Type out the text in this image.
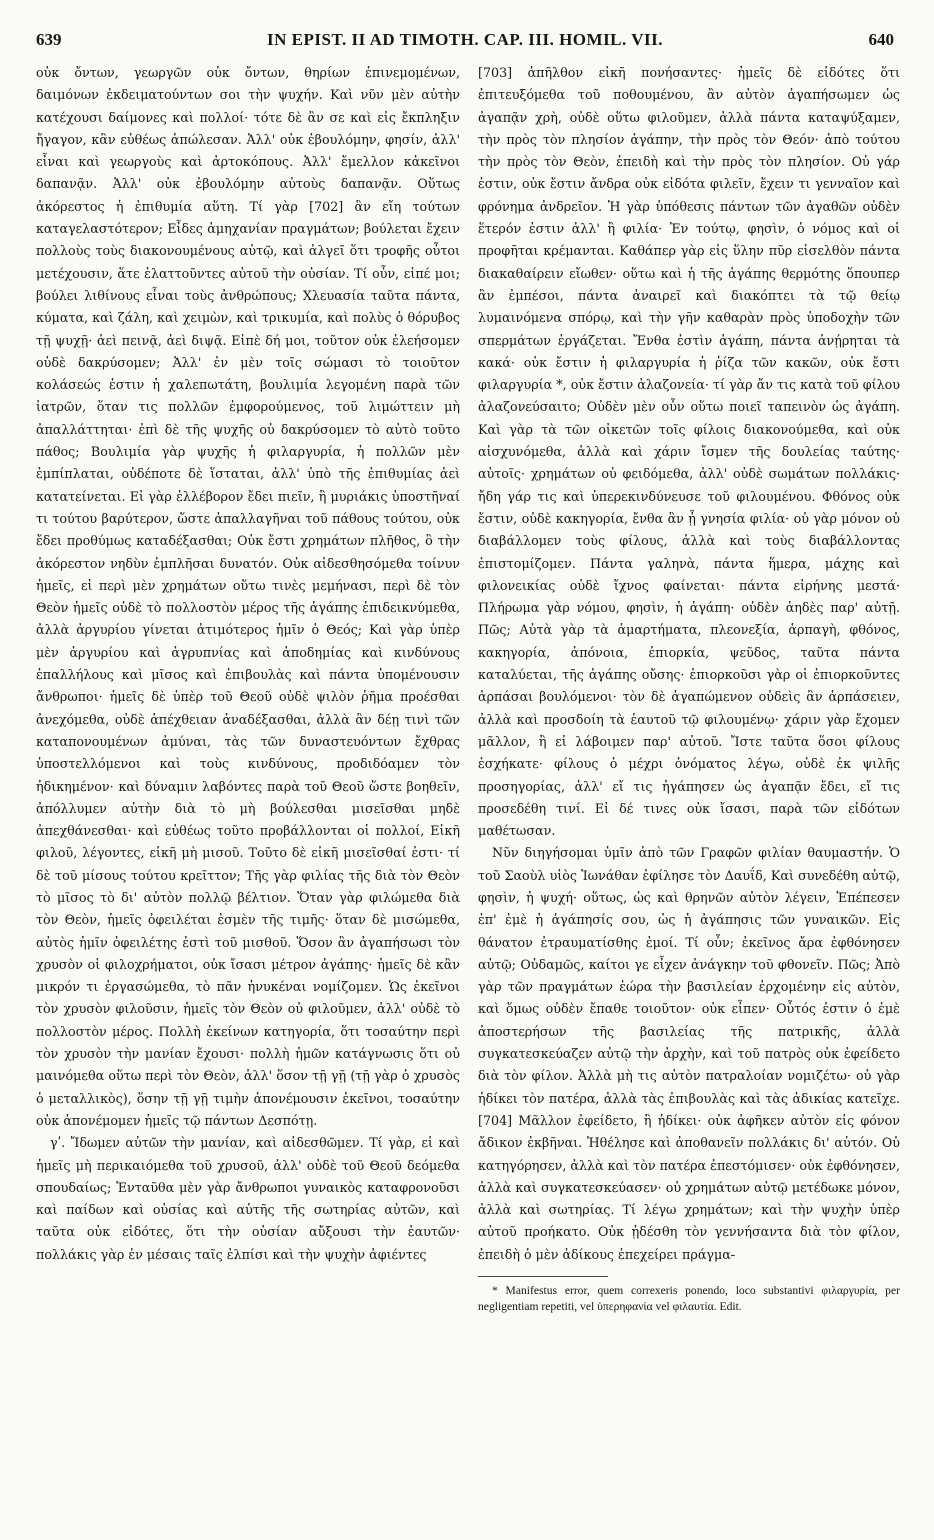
639	IN EPIST. II AD TIMOTH. CAP. III. HOMIL. VII.	640

οὐκ ὄντων, γεωργῶν οὐκ ὄντων, θηρίων ἐπινεμομένων, δαιμόνων ἐκδειματούντων σοι τὴν ψυχήν. Καὶ νῦν μὲν αὐτὴν κατέχουσι δαίμονες καὶ πολλοί· τότε δὲ ἂν σε καὶ εἰς ἔκπληξιν ἤγαγον, κἂν εὐθέως ἀπώλεσαν. Ἀλλ' οὐκ ἐβουλόμην, φησίν, ἀλλ' εἶναι καὶ γεωργοὺς καὶ ἀρτοκόπους. Ἀλλ' ἔμελλον κἀκεῖνοι δαπανᾷν. Ἀλλ' οὐκ ἐβουλόμην αὐτοὺς δαπανᾷν. Οὕτως ἀκόρεστος ἡ ἐπιθυμία αὕτη. Τί γὰρ [702] ἂν εἴη τούτων καταγελαστότερον; Εἶδες ἀμηχανίαν πραγμάτων; βούλεται ἔχειν πολλοὺς τοὺς διακονουμένους αὐτῷ, καὶ ἀλγεῖ ὅτι τροφῆς οὗτοι μετέχουσιν, ἅτε ἐλαττοῦντες αὐτοῦ τὴν οὐσίαν. Τί οὖν, εἰπέ μοι; βούλει λιθίνους εἶναι τοὺς ἀνθρώπους; Χλευασία ταῦτα πάντα, κύματα, καὶ ζάλη, καὶ χειμὼν, καὶ τρικυμία, καὶ πολὺς ὁ θόρυβος τῇ ψυχῇ· ἀεὶ πεινᾷ, ἀεὶ διψᾷ. Εἰπὲ δή μοι, τοῦτον οὐκ ἐλεήσομεν οὐδὲ δακρύσομεν; Ἀλλ' ἐν μὲν τοῖς σώμασι τὸ τοιοῦτον κολάσεώς ἐστιν ἡ χαλεπωτάτη, βουλιμία λεγομένη παρὰ τῶν ἰατρῶν, ὅταν τις πολλῶν ἐμφορούμενος, τοῦ λιμώττειν μὴ ἀπαλλάττηται· ἐπὶ δὲ τῆς ψυχῆς οὐ δακρύσομεν τὸ αὐτὸ τοῦτο πάθος; Βουλιμία γὰρ ψυχῆς ἡ φιλαργυρία, ἡ πολλῶν μὲν ἐμπίπλαται, οὐδέποτε δὲ ἵσταται, ἀλλ' ὑπὸ τῆς ἐπιθυμίας ἀεὶ κατατείνεται. Εἰ γὰρ ἐλλέβορον ἔδει πιεῖν, ἢ μυριάκις ὑποστῆναί τι τούτου βαρύτερον, ὥστε ἀπαλλαγῆναι τοῦ πάθους τούτου, οὐκ ἔδει προθύμως καταδέξασθαι; Οὐκ ἔστι χρημάτων πλῆθος, ὃ τὴν ἀκόρεστον νηδὺν ἐμπλῆσαι δυνατόν. Οὐκ αἰδεσθησόμεθα τοίνυν ἡμεῖς, εἰ περὶ μὲν χρημάτων οὕτω τινὲς μεμήνασι, περὶ δὲ τὸν Θεὸν ἡμεῖς οὐδὲ τὸ πολλοστὸν μέρος τῆς ἀγάπης ἐπιδεικνύμεθα, ἀλλὰ ἀργυρίου γίνεται ἀτιμότερος ἡμῖν ὁ Θεός; Καὶ γὰρ ὑπὲρ μὲν ἀργυρίου καὶ ἀγρυπνίας καὶ ἀποδημίας καὶ κινδύνους ἐπαλλήλους καὶ μῖσος καὶ ἐπιβουλὰς καὶ πάντα ὑπομένουσιν ἄνθρωποι· ἡμεῖς δὲ ὑπὲρ τοῦ Θεοῦ οὐδὲ ψιλὸν ῥῆμα προέσθαι ἀνεχόμεθα, οὐδὲ ἀπέχθειαν ἀναδέξασθαι, ἀλλὰ ἂν δέῃ τινὶ τῶν καταπονουμένων ἀμύναι, τὰς τῶν δυναστευόντων ἔχθρας ὑποστελλόμενοι καὶ τοὺς κινδύνους, προδιδόαμεν τὸν ἠδικημένον· καὶ δύναμιν λαβόντες παρὰ τοῦ Θεοῦ ὥστε βοηθεῖν, ἀπόλλυμεν αὐτὴν διὰ τὸ μὴ βούλεσθαι μισεῖσθαι μηδὲ ἀπεχθάνεσθαι· καὶ εὐθέως τοῦτο προβάλλονται οἱ πολλοί, Εἰκῆ φιλοῦ, λέγοντες, εἰκῆ μὴ μισοῦ. Τοῦτο δὲ εἰκῆ μισεῖσθαί ἐστι· τί δὲ τοῦ μίσους τούτου κρεῖττον; Τῆς γὰρ φιλίας τῆς διὰ τὸν Θεὸν τὸ μῖσος τὸ δι' αὐτὸν πολλῷ βέλτιον. Ὅταν γὰρ φιλώμεθα διὰ τὸν Θεὸν, ἡμεῖς ὀφειλέται ἐσμὲν τῆς τιμῆς· ὅταν δὲ μισώμεθα, αὐτὸς ἡμῖν ὀφειλέτης ἐστὶ τοῦ μισθοῦ. Ὅσον ἂν ἀγαπήσωσι τὸν χρυσὸν οἱ φιλοχρήματοι, οὐκ ἴσασι μέτρον ἀγάπης· ἡμεῖς δὲ κἂν μικρόν τι ἐργασώμεθα, τὸ πᾶν ἠνυκέναι νομίζομεν. Ὡς ἐκεῖνοι τὸν χρυσὸν φιλοῦσιν, ἡμεῖς τὸν Θεὸν οὐ φιλοῦμεν, ἀλλ' οὐδὲ τὸ πολλοστὸν μέρος. Πολλὴ ἐκείνων κατηγορία, ὅτι τοσαύτην περὶ τὸν χρυσὸν τὴν μανίαν ἔχουσι· πολλὴ ἡμῶν κατάγνωσις ὅτι οὐ μαινόμεθα οὕτω περὶ τὸν Θεὸν, ἀλλ' ὅσον τῇ γῇ (τῇ γὰρ ὁ χρυσὸς ὁ μεταλλικὸς), ὅσην τῇ γῇ τιμὴν ἀπονέμουσιν ἐκεῖνοι, τοσαύτην οὐκ ἀπονέμομεν ἡμεῖς τῷ πάντων Δεσπότῃ.

γʹ. Ἴδωμεν αὐτῶν τὴν μανίαν, καὶ αἰδεσθῶμεν. Τί γὰρ, εἰ καὶ ἡμεῖς μὴ περικαιόμεθα τοῦ χρυσοῦ, ἀλλ' οὐδὲ τοῦ Θεοῦ δεόμεθα σπουδαίως; Ἐνταῦθα μὲν γὰρ ἄνθρωποι γυναικὸς καταφρονοῦσι καὶ παίδων καὶ οὐσίας καὶ αὐτῆς τῆς σωτηρίας αὐτῶν, καὶ ταῦτα οὐκ εἰδότες, ὅτι τὴν οὐσίαν αὔξουσι τὴν ἑαυτῶν· πολλάκις γὰρ ἐν μέσαις ταῖς ἐλπίσι καὶ τὴν ψυχὴν ἀφιέντες

[703] ἀπῆλθον εἰκῆ πονήσαντες· ἡμεῖς δὲ εἰδότες ὅτι ἐπιτευξόμεθα τοῦ ποθουμένου, ἂν αὐτὸν ἀγαπήσωμεν ὡς ἀγαπᾷν χρὴ, οὐδὲ οὕτω φιλοῦμεν, ἀλλὰ πάντα καταψύξαμεν, τὴν πρὸς τὸν πλησίον ἀγάπην, τὴν πρὸς τὸν Θεόν· ἀπὸ τούτου τὴν πρὸς τὸν Θεὸν, ἐπειδὴ καὶ τὴν πρὸς τὸν πλησίον. Οὐ γάρ ἐστιν, οὐκ ἔστιν ἄνδρα οὐκ εἰδότα φιλεῖν, ἔχειν τι γενναῖον καὶ φρόνημα ἀνδρεῖον. Ἡ γὰρ ὑπόθεσις πάντων τῶν ἀγαθῶν οὐδὲν ἕτερόν ἐστιν ἀλλ' ἢ φιλία· Ἐν τούτῳ, φησὶν, ὁ νόμος καὶ οἱ προφῆται κρέμανται. Καθάπερ γὰρ εἰς ὕλην πῦρ εἰσελθὸν πάντα διακαθαίρειν εἴωθεν· οὕτω καὶ ἡ τῆς ἀγάπης θερμότης ὅπουπερ ἂν ἐμπέσοι, πάντα ἀναιρεῖ καὶ διακόπτει τὰ τῷ θείῳ λυμαινόμενα σπόρῳ, καὶ τὴν γῆν καθαρὰν πρὸς ὑποδοχὴν τῶν σπερμάτων ἐργάζεται. Ἔνθα ἐστὶν ἀγάπη, πάντα ἀνῄρηται τὰ κακά· οὐκ ἔστιν ἡ φιλαργυρία ἡ ῥίζα τῶν κακῶν, οὐκ ἔστι φιλαργυρία *, οὐκ ἔστιν ἀλαζονεία· τί γὰρ ἄν τις κατὰ τοῦ φίλου ἀλαζονεύσαιτο; Οὐδὲν μὲν οὖν οὕτω ποιεῖ ταπεινὸν ὡς ἀγάπη. Καὶ γὰρ τὰ τῶν οἰκετῶν τοῖς φίλοις διακονούμεθα, καὶ οὐκ αἰσχυνόμεθα, ἀλλὰ καὶ χάριν ἴσμεν τῆς δουλείας ταύτης· αὐτοῖς· χρημάτων οὐ φειδόμεθα, ἀλλ' οὐδὲ σωμάτων πολλάκις· ἤδη γάρ τις καὶ ὑπερεκινδύνευσε τοῦ φιλουμένου. Φθόνος οὐκ ἔστιν, οὐδὲ κακηγορία, ἔνθα ἂν ᾖ γνησία φιλία· οὐ γὰρ μόνον οὐ διαβάλλομεν τοὺς φίλους, ἀλλὰ καὶ τοὺς διαβάλλοντας ἐπιστομίζομεν. Πάντα γαληνὰ, πάντα ἥμερα, μάχης καὶ φιλονεικίας οὐδὲ ἴχνος φαίνεται· πάντα εἰρήνης μεστά· Πλήρωμα γὰρ νόμου, φησὶν, ἡ ἀγάπη· οὐδὲν ἀηδὲς παρ' αὐτῇ. Πῶς; Αὐτὰ γὰρ τὰ ἁμαρτήματα, πλεονεξία, ἁρπαγὴ, φθόνος, κακηγορία, ἀπόνοια, ἐπιορκία, ψεῦδος, ταῦτα πάντα καταλύεται, τῆς ἀγάπης οὔσης· ἐπιορκοῦσι γὰρ οἱ ἐπιορκοῦντες ἁρπάσαι βουλόμενοι· τὸν δὲ ἀγαπώμενον οὐδεὶς ἂν ἁρπάσειεν, ἀλλὰ καὶ προσδοίη τὰ ἑαυτοῦ τῷ φιλουμένῳ· χάριν γὰρ ἔχομεν μᾶλλον, ἢ εἰ λάβοιμεν παρ' αὐτοῦ. Ἴστε ταῦτα ὅσοι φίλους ἐσχήκατε· φίλους ὁ μέχρι ὀνόματος λέγω, οὐδὲ ἐκ ψιλῆς προσηγορίας, ἀλλ' εἴ τις ἠγάπησεν ὡς ἀγαπᾷν ἔδει, εἴ τις προσεδέθη τινί. Εἰ δέ τινες οὐκ ἴσασι, παρὰ τῶν εἰδότων μαθέτωσαν.

Νῦν διηγήσομαι ὑμῖν ἀπὸ τῶν Γραφῶν φιλίαν θαυμαστήν. Ὁ τοῦ Σαοὺλ υἱὸς Ἰωνάθαν ἐφίλησε τὸν Δαυΐδ, Καὶ συνεδέθη αὐτῷ, φησὶν, ἡ ψυχή· οὕτως, ὡς καὶ θρηνῶν αὐτὸν λέγειν, Ἐπέπεσεν ἐπ' ἐμὲ ἡ ἀγάπησίς σου, ὡς ἡ ἀγάπησις τῶν γυναικῶν. Εἰς θάνατον ἐτραυματίσθης ἐμοί. Τί οὖν; ἐκεῖνος ἄρα ἐφθόνησεν αὐτῷ; Οὐδαμῶς, καίτοι γε εἶχεν ἀνάγκην τοῦ φθονεῖν. Πῶς; Ἀπὸ γὰρ τῶν πραγμάτων ἑώρα τὴν βασιλείαν ἐρχομένην εἰς αὐτὸν, καὶ ὅμως οὐδὲν ἔπαθε τοιοῦτον· οὐκ εἶπεν· Οὗτός ἐστιν ὁ ἐμὲ ἀποστερήσων τῆς βασιλείας τῆς πατρικῆς, ἀλλὰ συγκατεσκεύαζεν αὐτῷ τὴν ἀρχὴν, καὶ τοῦ πατρὸς οὐκ ἐφείδετο διὰ τὸν φίλον. Ἀλλὰ μὴ τις αὐτὸν πατραλοίαν νομιζέτω· οὐ γὰρ ἠδίκει τὸν πατέρα, ἀλλὰ τὰς ἐπιβουλὰς καὶ τὰς ἀδικίας κατεῖχε. [704] Μᾶλλον ἐφείδετο, ἢ ἠδίκει· οὐκ ἀφῆκεν αὐτὸν εἰς φόνον ἄδικον ἐκβῆναι. Ἠθέλησε καὶ ἀποθανεῖν πολλάκις δι' αὐτόν. Οὐ κατηγόρησεν, ἀλλὰ καὶ τὸν πατέρα ἐπεστόμισεν· οὐκ ἐφθόνησεν, ἀλλὰ καὶ συγκατεσκεύασεν· οὐ χρημάτων αὐτῷ μετέδωκε μόνον, ἀλλὰ καὶ σωτηρίας. Τί λέγω χρημάτων; καὶ τὴν ψυχὴν ὑπὲρ αὐτοῦ προήκατο. Οὐκ ᾐδέσθη τὸν γεννήσαντα διὰ τὸν φίλον, ἐπειδὴ ὁ μὲν ἀδίκους ἐπεχείρει πράγμα-

* Manifestus error, quem correxeris ponendo, loco substantivi φιλαργυρία, per negligentiam repetiti, vel ὑπερηφανία vel φιλαυτία. Edit.
